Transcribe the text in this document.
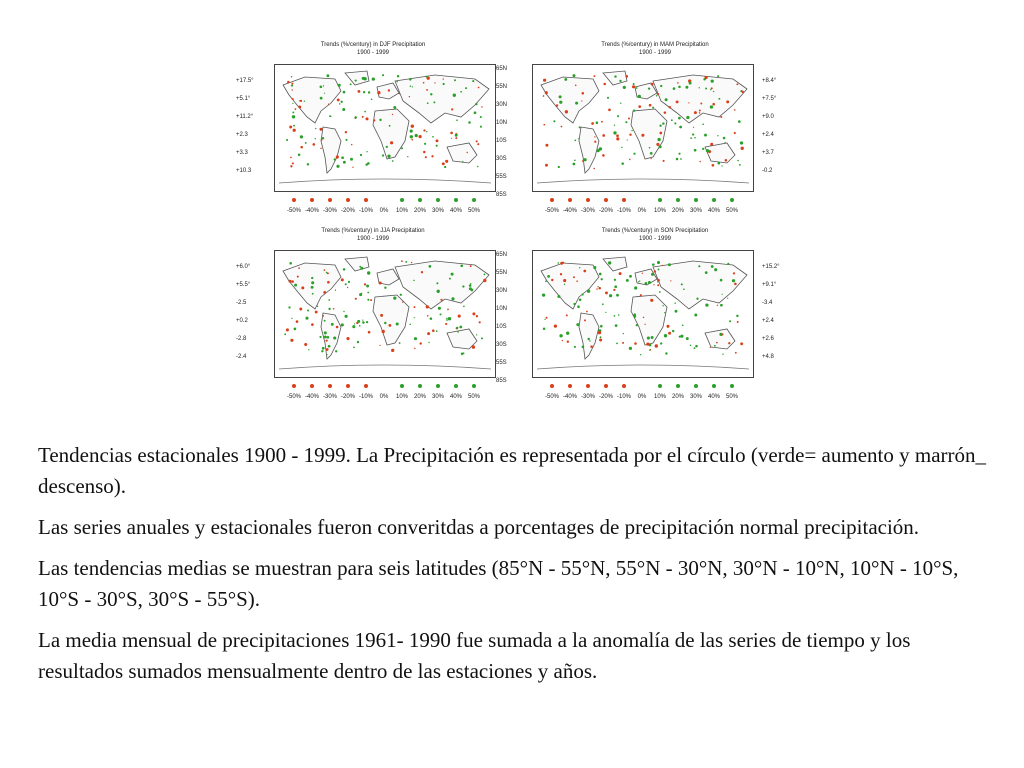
Trends (%/century) in DJF Precipitation
1900 - 1999
+17.5°
+5.1°
+11.2°
+2.3
+3.3
+10.3
-50% -40% -30% -20% -10% 0% 10% 20% 30% 40% 50%
Trends (%/century) in MAM Precipitation
1900 - 1999
65N
55N
30N
10N
10S
30S
55S
85S
+8.4°
+7.5°
+9.0
+2.4
+3.7
-0.2
-50% -40% -30% -20% -10% 0% 10% 20% 30% 40% 50%
Trends (%/century) in JJA Precipitation
1900 - 1999
+6.0°
+5.5°
-2.5
+0.2
-2.8
-2.4
-50% -40% -30% -20% -10% 0% 10% 20% 30% 40% 50%
Trends (%/century) in SON Precipitation
1900 - 1999
65N
55N
30N
10N
10S
30S
55S
85S
+15.2°
+9.1°
-3.4
+2.4
+2.6
+4.8
-50% -40% -30% -20% -10% 0% 10% 20% 30% 40% 50%

Tendencias estacionales 1900 - 1999. La Precipitación es representada por el círculo (verde= aumento y marrón_ descenso).

Las series anuales y estacionales fueron converitdas a porcentages de precipitación normal precipitación.

Las tendencias medias se muestran para seis latitudes (85°N - 55°N, 55°N - 30°N, 30°N - 10°N, 10°N - 10°S, 10°S - 30°S, 30°S - 55°S).

La media mensual de precipitaciones 1961- 1990 fue sumada a la anomalía de las series de tiempo y los resultados sumados mensualmente dentro de las estaciones y años.
